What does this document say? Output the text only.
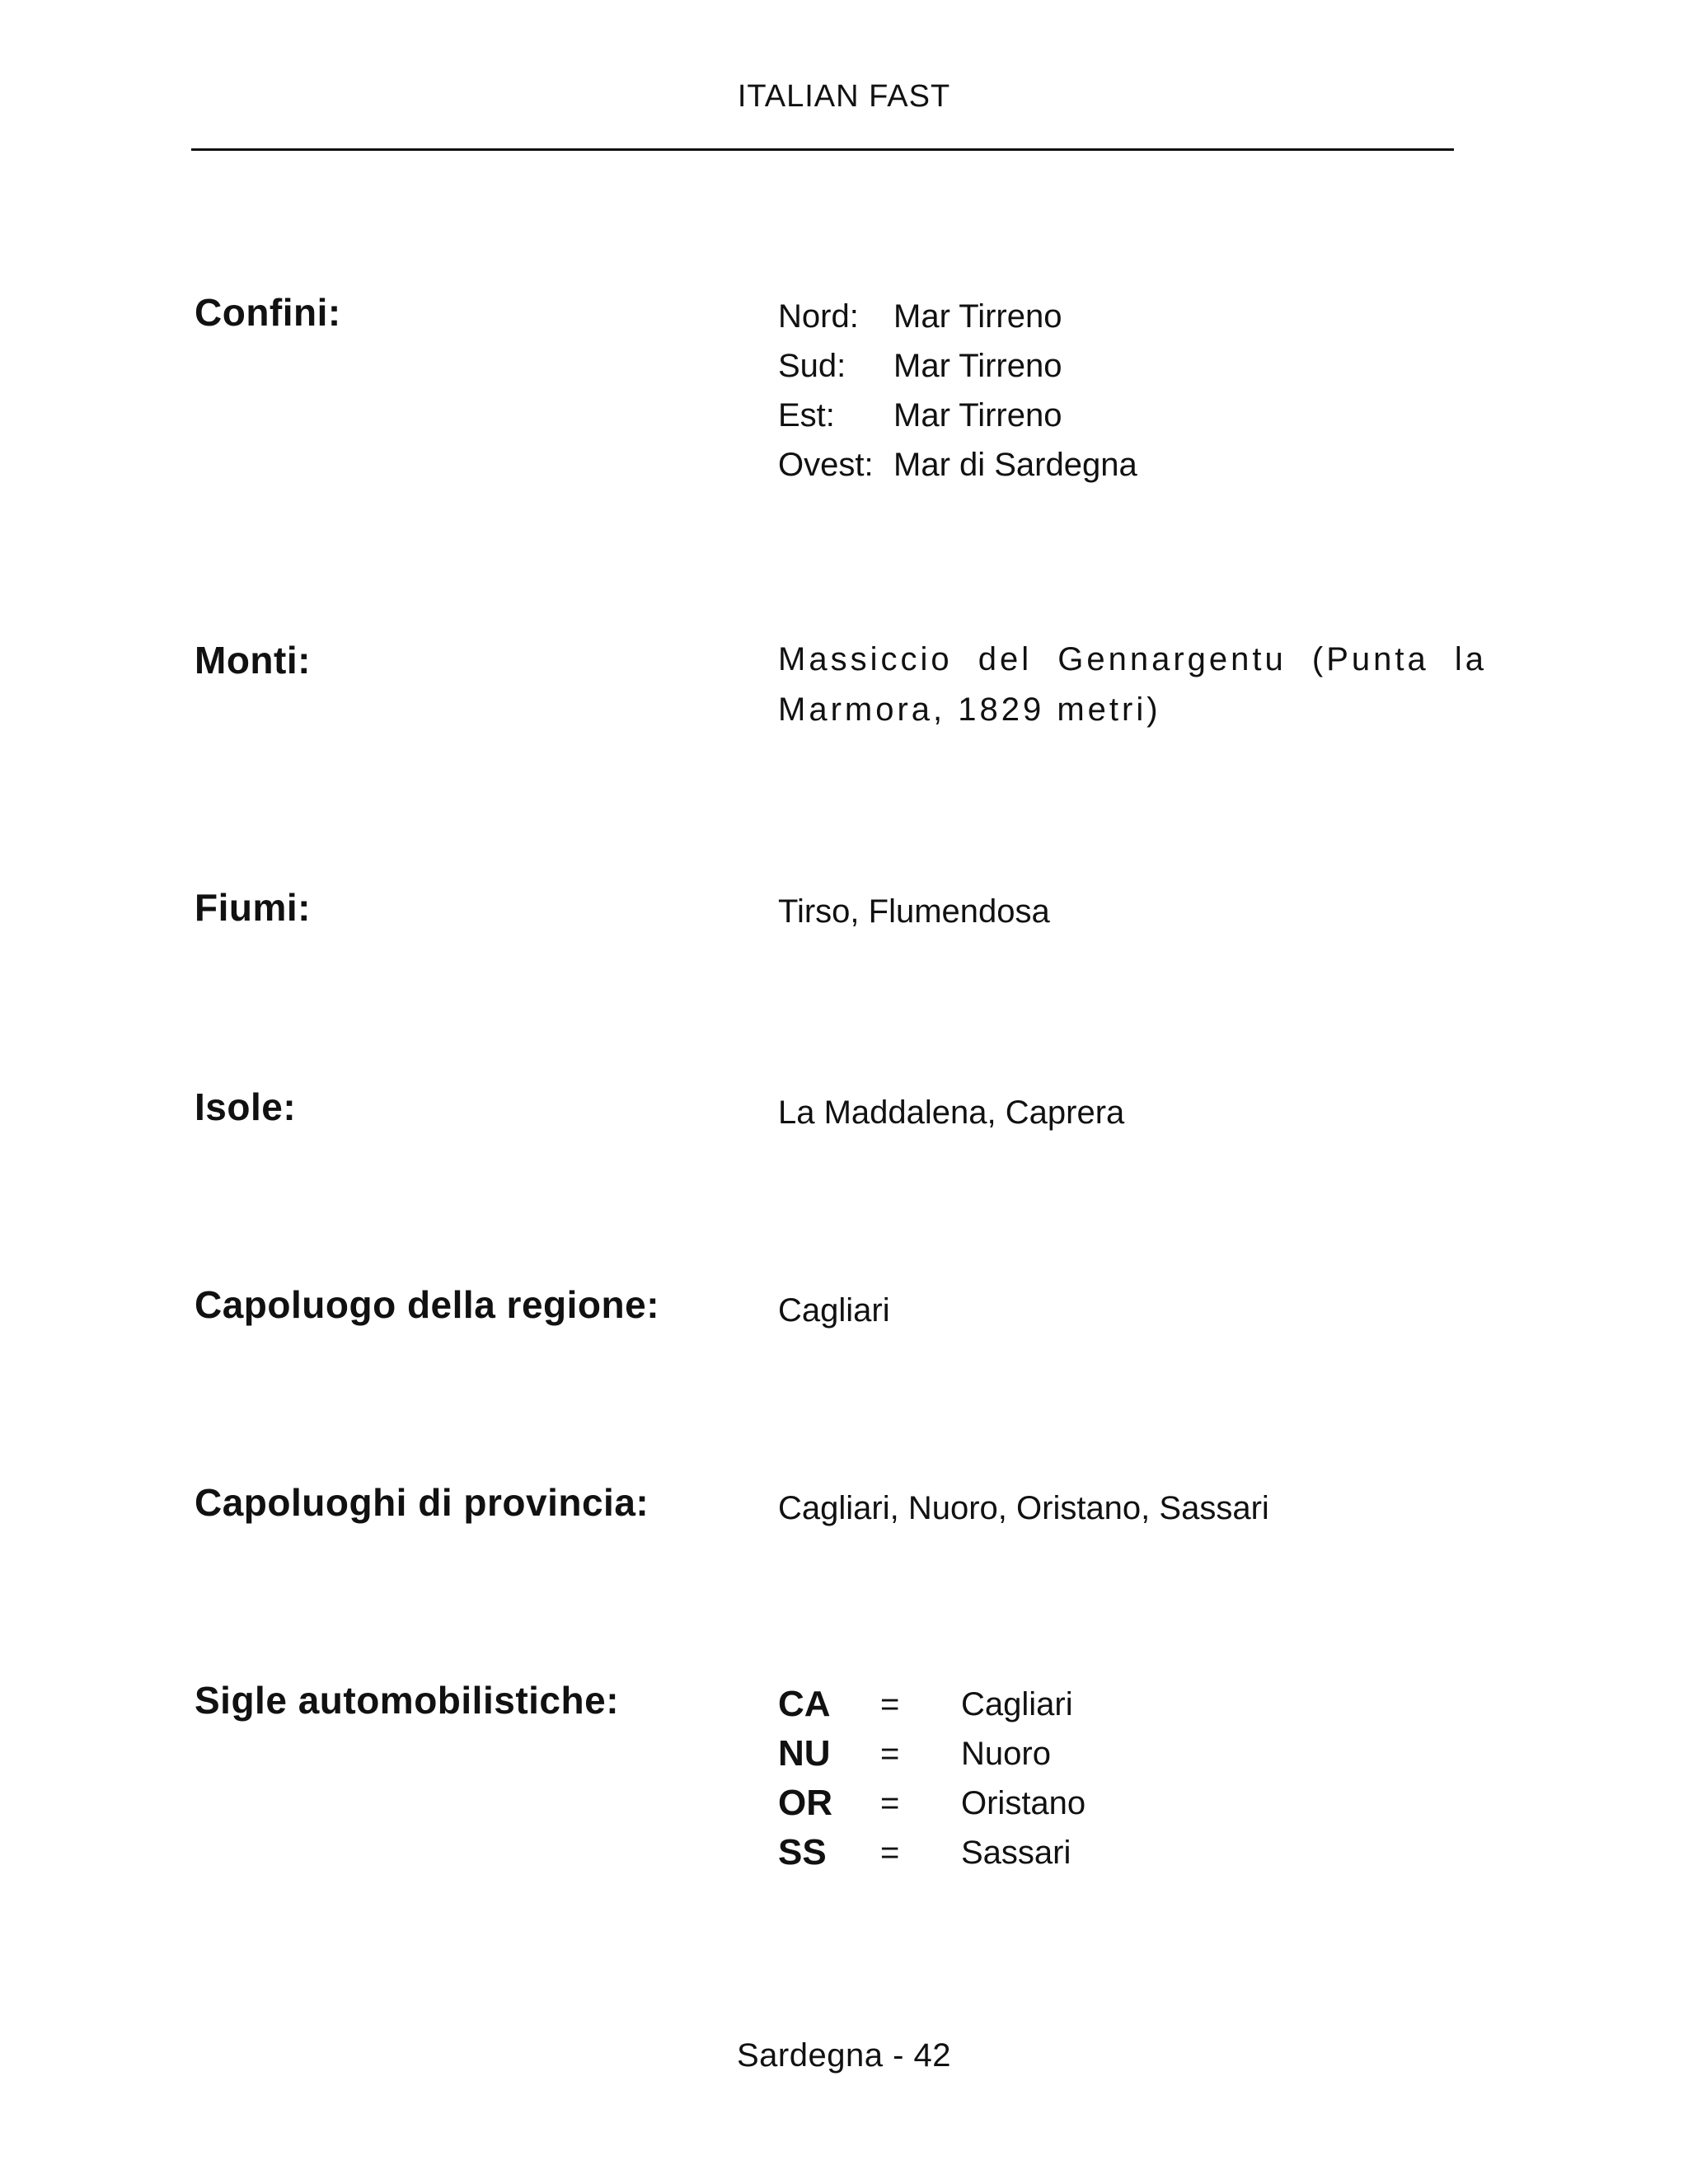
ITALIAN FAST
Confini:	Nord:	Mar Tirreno
Sud:	Mar Tirreno
Est:	Mar Tirreno
Ovest: Mar di Sardegna
Monti:	Massiccio del Gennargentu (Punta la Marmora, 1829 metri)
Fiumi:	Tirso, Flumendosa
Isole:	La Maddalena, Caprera
Capoluogo della regione:	Cagliari
Capoluoghi di provincia:	Cagliari, Nuoro, Oristano, Sassari
Sigle automobilistiche:	CA	=	Cagliari
NU	=	Nuoro
OR	=	Oristano
SS	=	Sassari
Sardegna - 42
